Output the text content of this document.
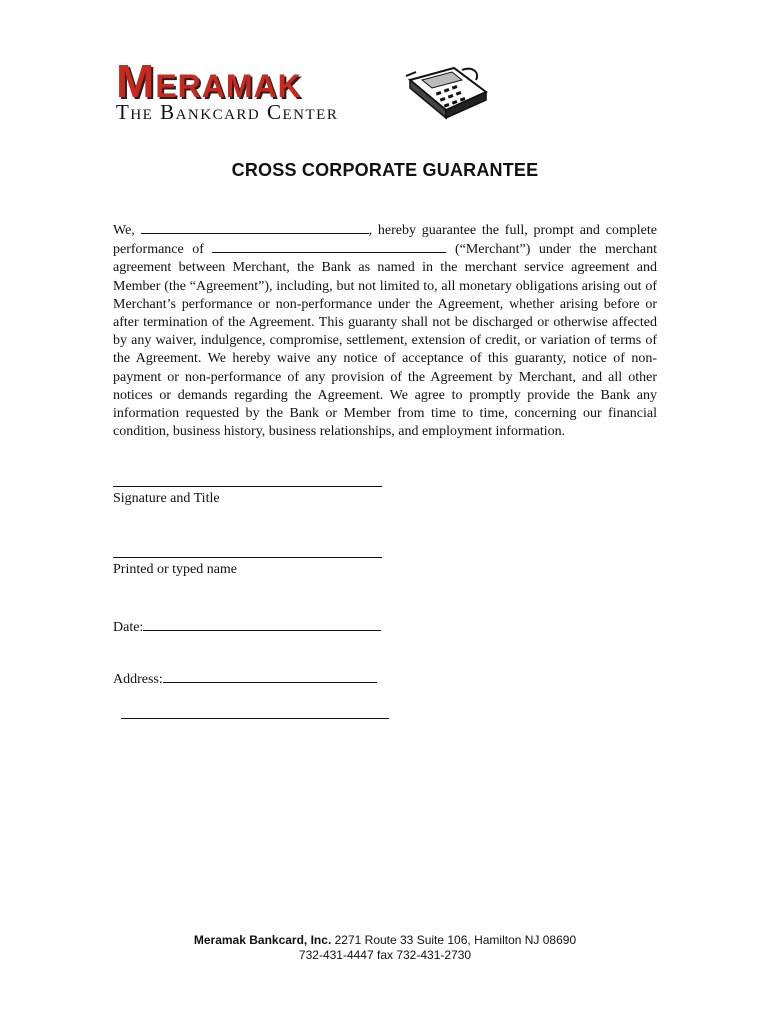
Meramak
The Bankcard Center
CROSS CORPORATE GUARANTEE
We,	, hereby guarantee the full, prompt and complete performance of	(“Merchant”) under the merchant agreement between Merchant, the Bank as named in the merchant service agreement and Member (the “Agreement”), including, but not limited to, all monetary obligations arising out of Merchant’s performance or non-performance under the Agreement, whether arising before or after termination of the Agreement. This guaranty shall not be discharged or otherwise affected by any waiver, indulgence, compromise, settlement, extension of credit, or variation of terms of the Agreement. We hereby waive any notice of acceptance of this guaranty, notice of non-payment or non-performance of any provision of the Agreement by Merchant, and all other notices or demands regarding the Agreement. We agree to promptly provide the Bank any information requested by the Bank or Member from time to time, concerning our financial condition, business history, business relationships, and employment information.
Signature and Title
Printed or typed name
Date:
Address:
Meramak Bankcard, Inc. 2271 Route 33 Suite 106, Hamilton NJ 08690
732-431-4447 fax 732-431-2730
